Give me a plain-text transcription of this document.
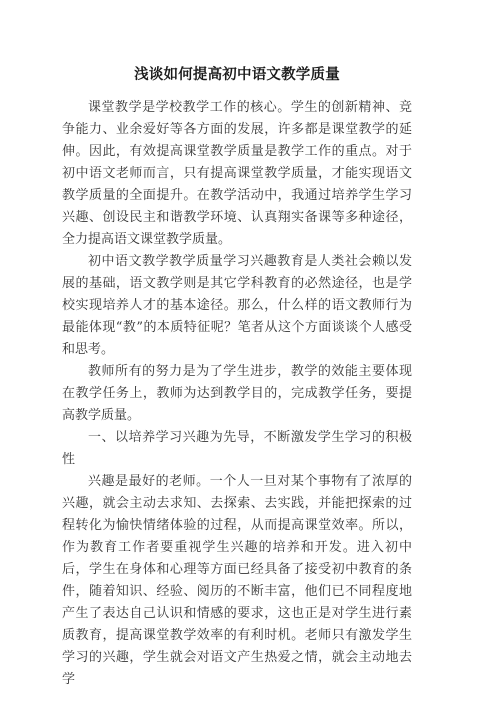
浅谈如何提高初中语文教学质量

课堂教学是学校教学工作的核心。学生的创新精神、竞争能力、业余爱好等各方面的发展，许多都是课堂教学的延伸。因此，有效提高课堂教学质量是教学工作的重点。对于初中语文老师而言，只有提高课堂教学质量，才能实现语文教学质量的全面提升。在教学活动中，我通过培养学生学习兴趣、创设民主和谐教学环境、认真翔实备课等多种途径，全力提高语文课堂教学质量。

初中语文教学教学质量学习兴趣教育是人类社会赖以发展的基础，语文教学则是其它学科教育的必然途径，也是学校实现培养人才的基本途径。那么，什么样的语文教师行为最能体现“教”的本质特征呢？笔者从这个方面谈谈个人感受和思考。

教师所有的努力是为了学生进步，教学的效能主要体现在教学任务上，教师为达到教学目的，完成教学任务，要提高教学质量。

一、以培养学习兴趣为先导，不断激发学生学习的积极性

兴趣是最好的老师。一个人一旦对某个事物有了浓厚的兴趣，就会主动去求知、去探索、去实践，并能把探索的过程转化为愉快情绪体验的过程，从而提高课堂效率。所以，作为教育工作者要重视学生兴趣的培养和开发。进入初中后，学生在身体和心理等方面已经具备了接受初中教育的条件，随着知识、经验、阅历的不断丰富，他们已不同程度地产生了表达自己认识和情感的要求，这也正是对学生进行素质教育，提高课堂教学效率的有利时机。老师只有激发学生学习的兴趣，学生就会对语文产生热爱之情，就会主动地去学
